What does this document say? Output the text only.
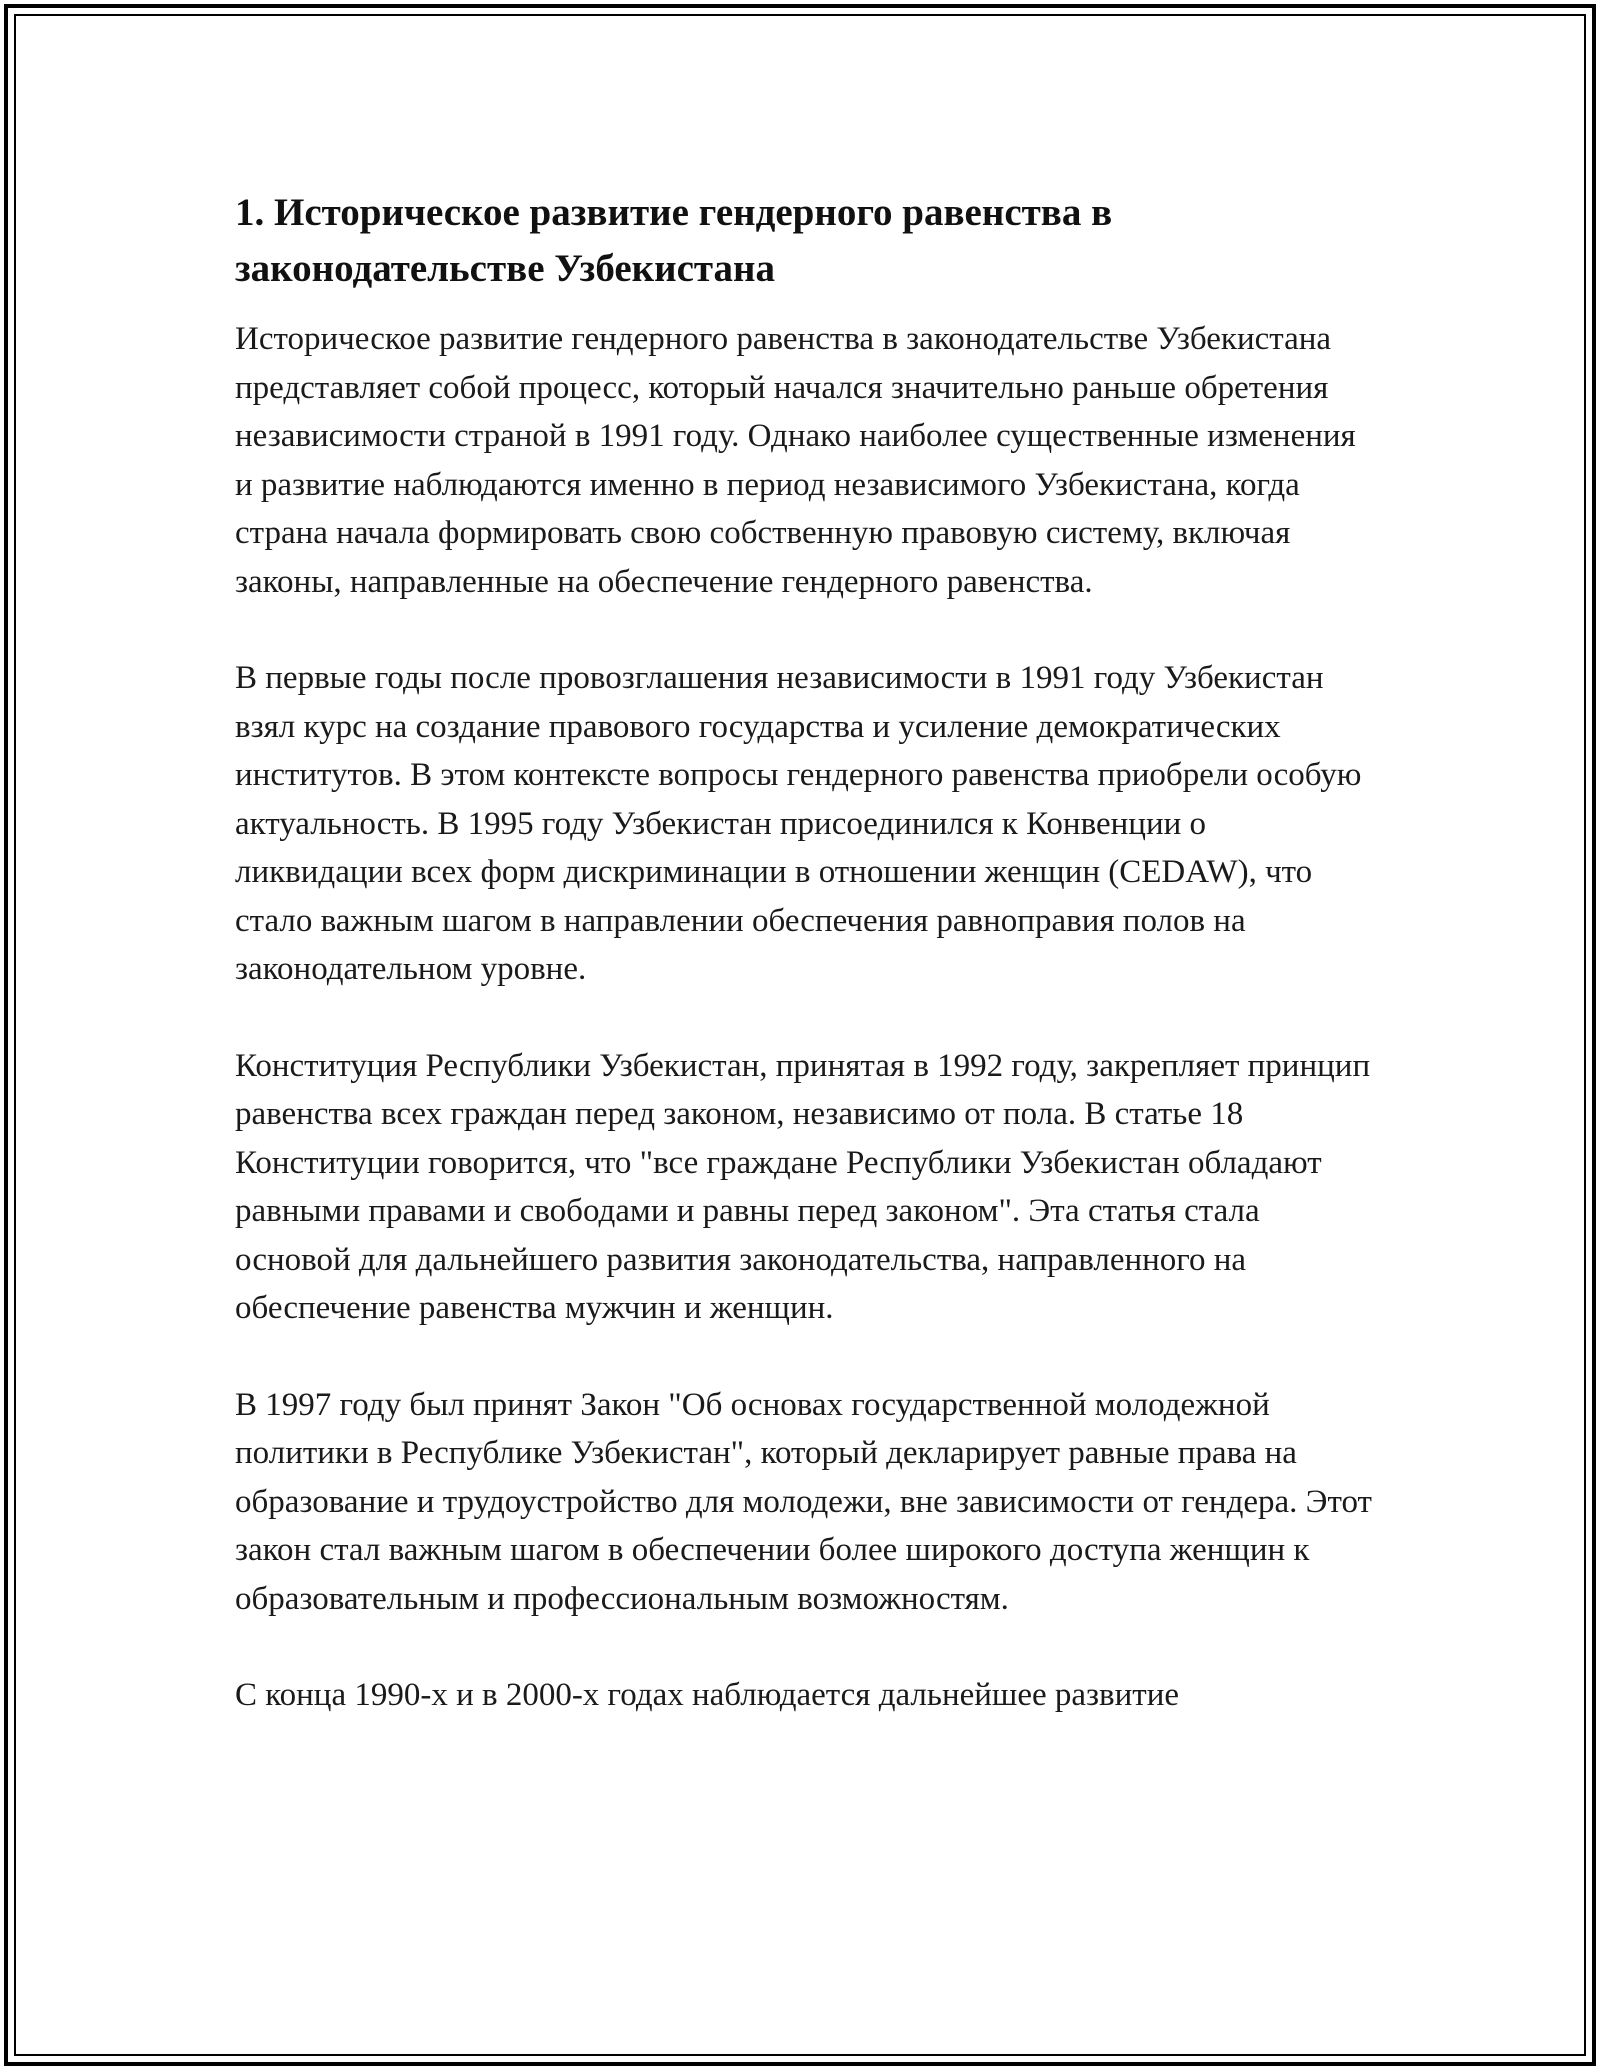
1. Историческое развитие гендерного равенства в законодательстве Узбекистана

Историческое развитие гендерного равенства в законодательстве Узбекистана представляет собой процесс, который начался значительно раньше обретения независимости страной в 1991 году. Однако наиболее существенные изменения и развитие наблюдаются именно в период независимого Узбекистана, когда страна начала формировать свою собственную правовую систему, включая законы, направленные на обеспечение гендерного равенства.

В первые годы после провозглашения независимости в 1991 году Узбекистан взял курс на создание правового государства и усиление демократических институтов. В этом контексте вопросы гендерного равенства приобрели особую актуальность. В 1995 году Узбекистан присоединился к Конвенции о ликвидации всех форм дискриминации в отношении женщин (CEDAW), что стало важным шагом в направлении обеспечения равноправия полов на законодательном уровне.

Конституция Республики Узбекистан, принятая в 1992 году, закрепляет принцип равенства всех граждан перед законом, независимо от пола. В статье 18 Конституции говорится, что "все граждане Республики Узбекистан обладают равными правами и свободами и равны перед законом". Эта статья стала основой для дальнейшего развития законодательства, направленного на обеспечение равенства мужчин и женщин.

В 1997 году был принят Закон "Об основах государственной молодежной политики в Республике Узбекистан", который декларирует равные права на образование и трудоустройство для молодежи, вне зависимости от гендера. Этот закон стал важным шагом в обеспечении более широкого доступа женщин к образовательным и профессиональным возможностям.

С конца 1990-х и в 2000-х годах наблюдается дальнейшее развитие
